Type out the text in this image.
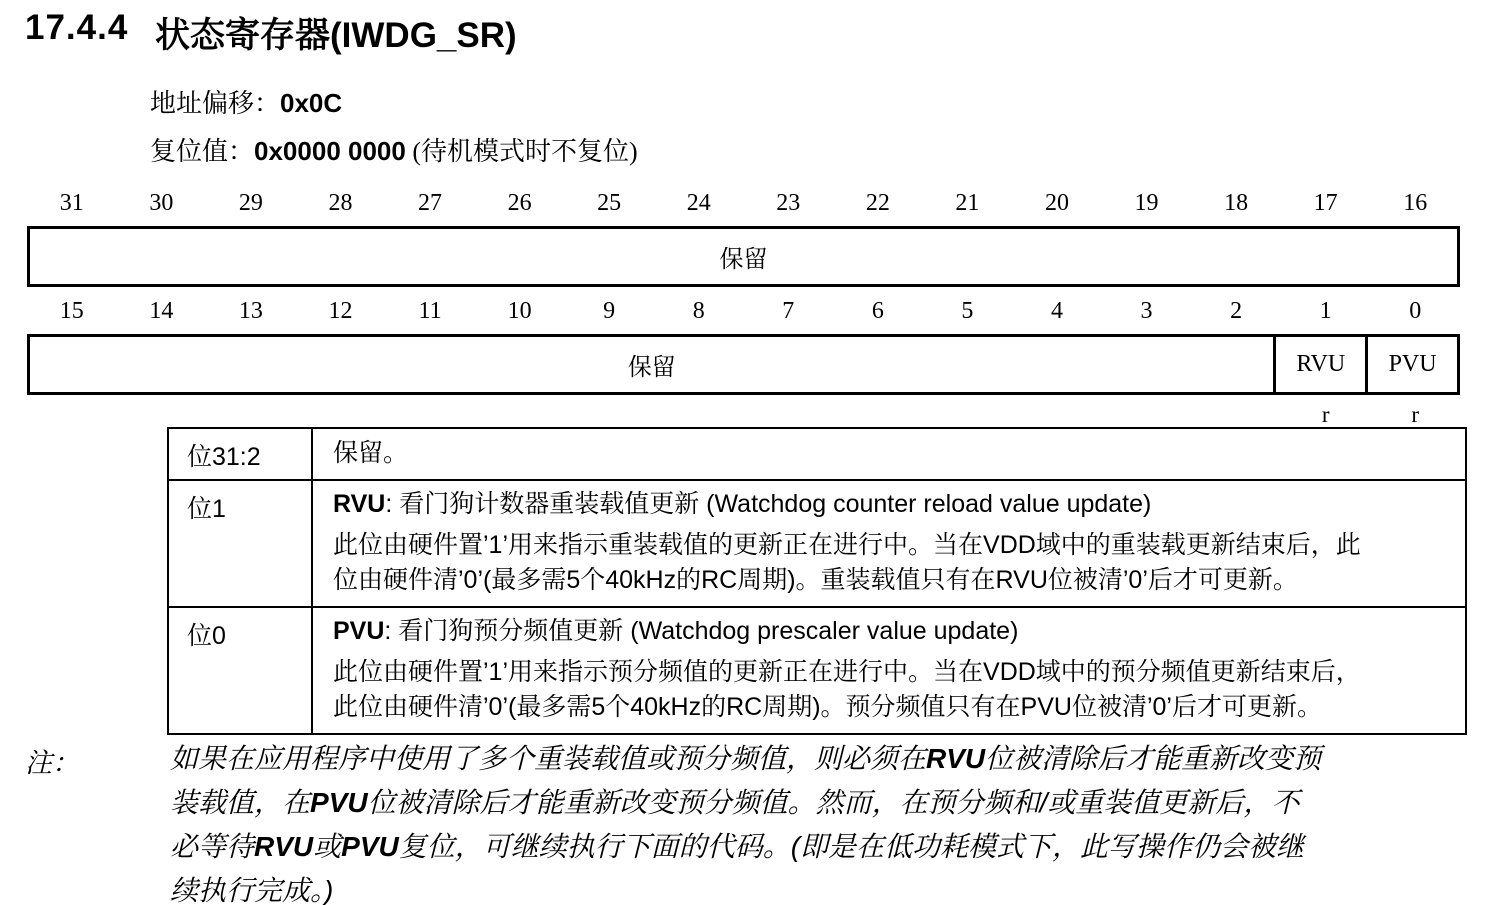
17.4.4 状态寄存器(IWDG_SR)
地址偏移：0x0C
复位值：0x0000 0000 (待机模式时不复位)
31	30	29	28	27	26	25	24	23	22	21	20	19	18	17	16
保留
15	14	13	12	11	10	9	8	7	6	5	4	3	2	1	0
保留	RVU	PVU
r	r
位31:2	保留。
位1	RVU: 看门狗计数器重装载值更新 (Watchdog counter reload value update)
此位由硬件置’1’用来指示重装载值的更新正在进行中。当在VDD域中的重装载更新结束后，此
位由硬件清’0’(最多需5个40kHz的RC周期)。重装载值只有在RVU位被清’0’后才可更新。
位0	PVU: 看门狗预分频值更新 (Watchdog prescaler value update)
此位由硬件置’1’用来指示预分频值的更新正在进行中。当在VDD域中的预分频值更新结束后，
此位由硬件清’0’(最多需5个40kHz的RC周期)。预分频值只有在PVU位被清’0’后才可更新。
注：	如果在应用程序中使用了多个重装载值或预分频值，则必须在RVU位被清除后才能重新改变预
装载值，在PVU位被清除后才能重新改变预分频值。然而，在预分频和/或重装值更新后，不
必等待RVU或PVU复位，可继续执行下面的代码。(即是在低功耗模式下，此写操作仍会被继
续执行完成。)
